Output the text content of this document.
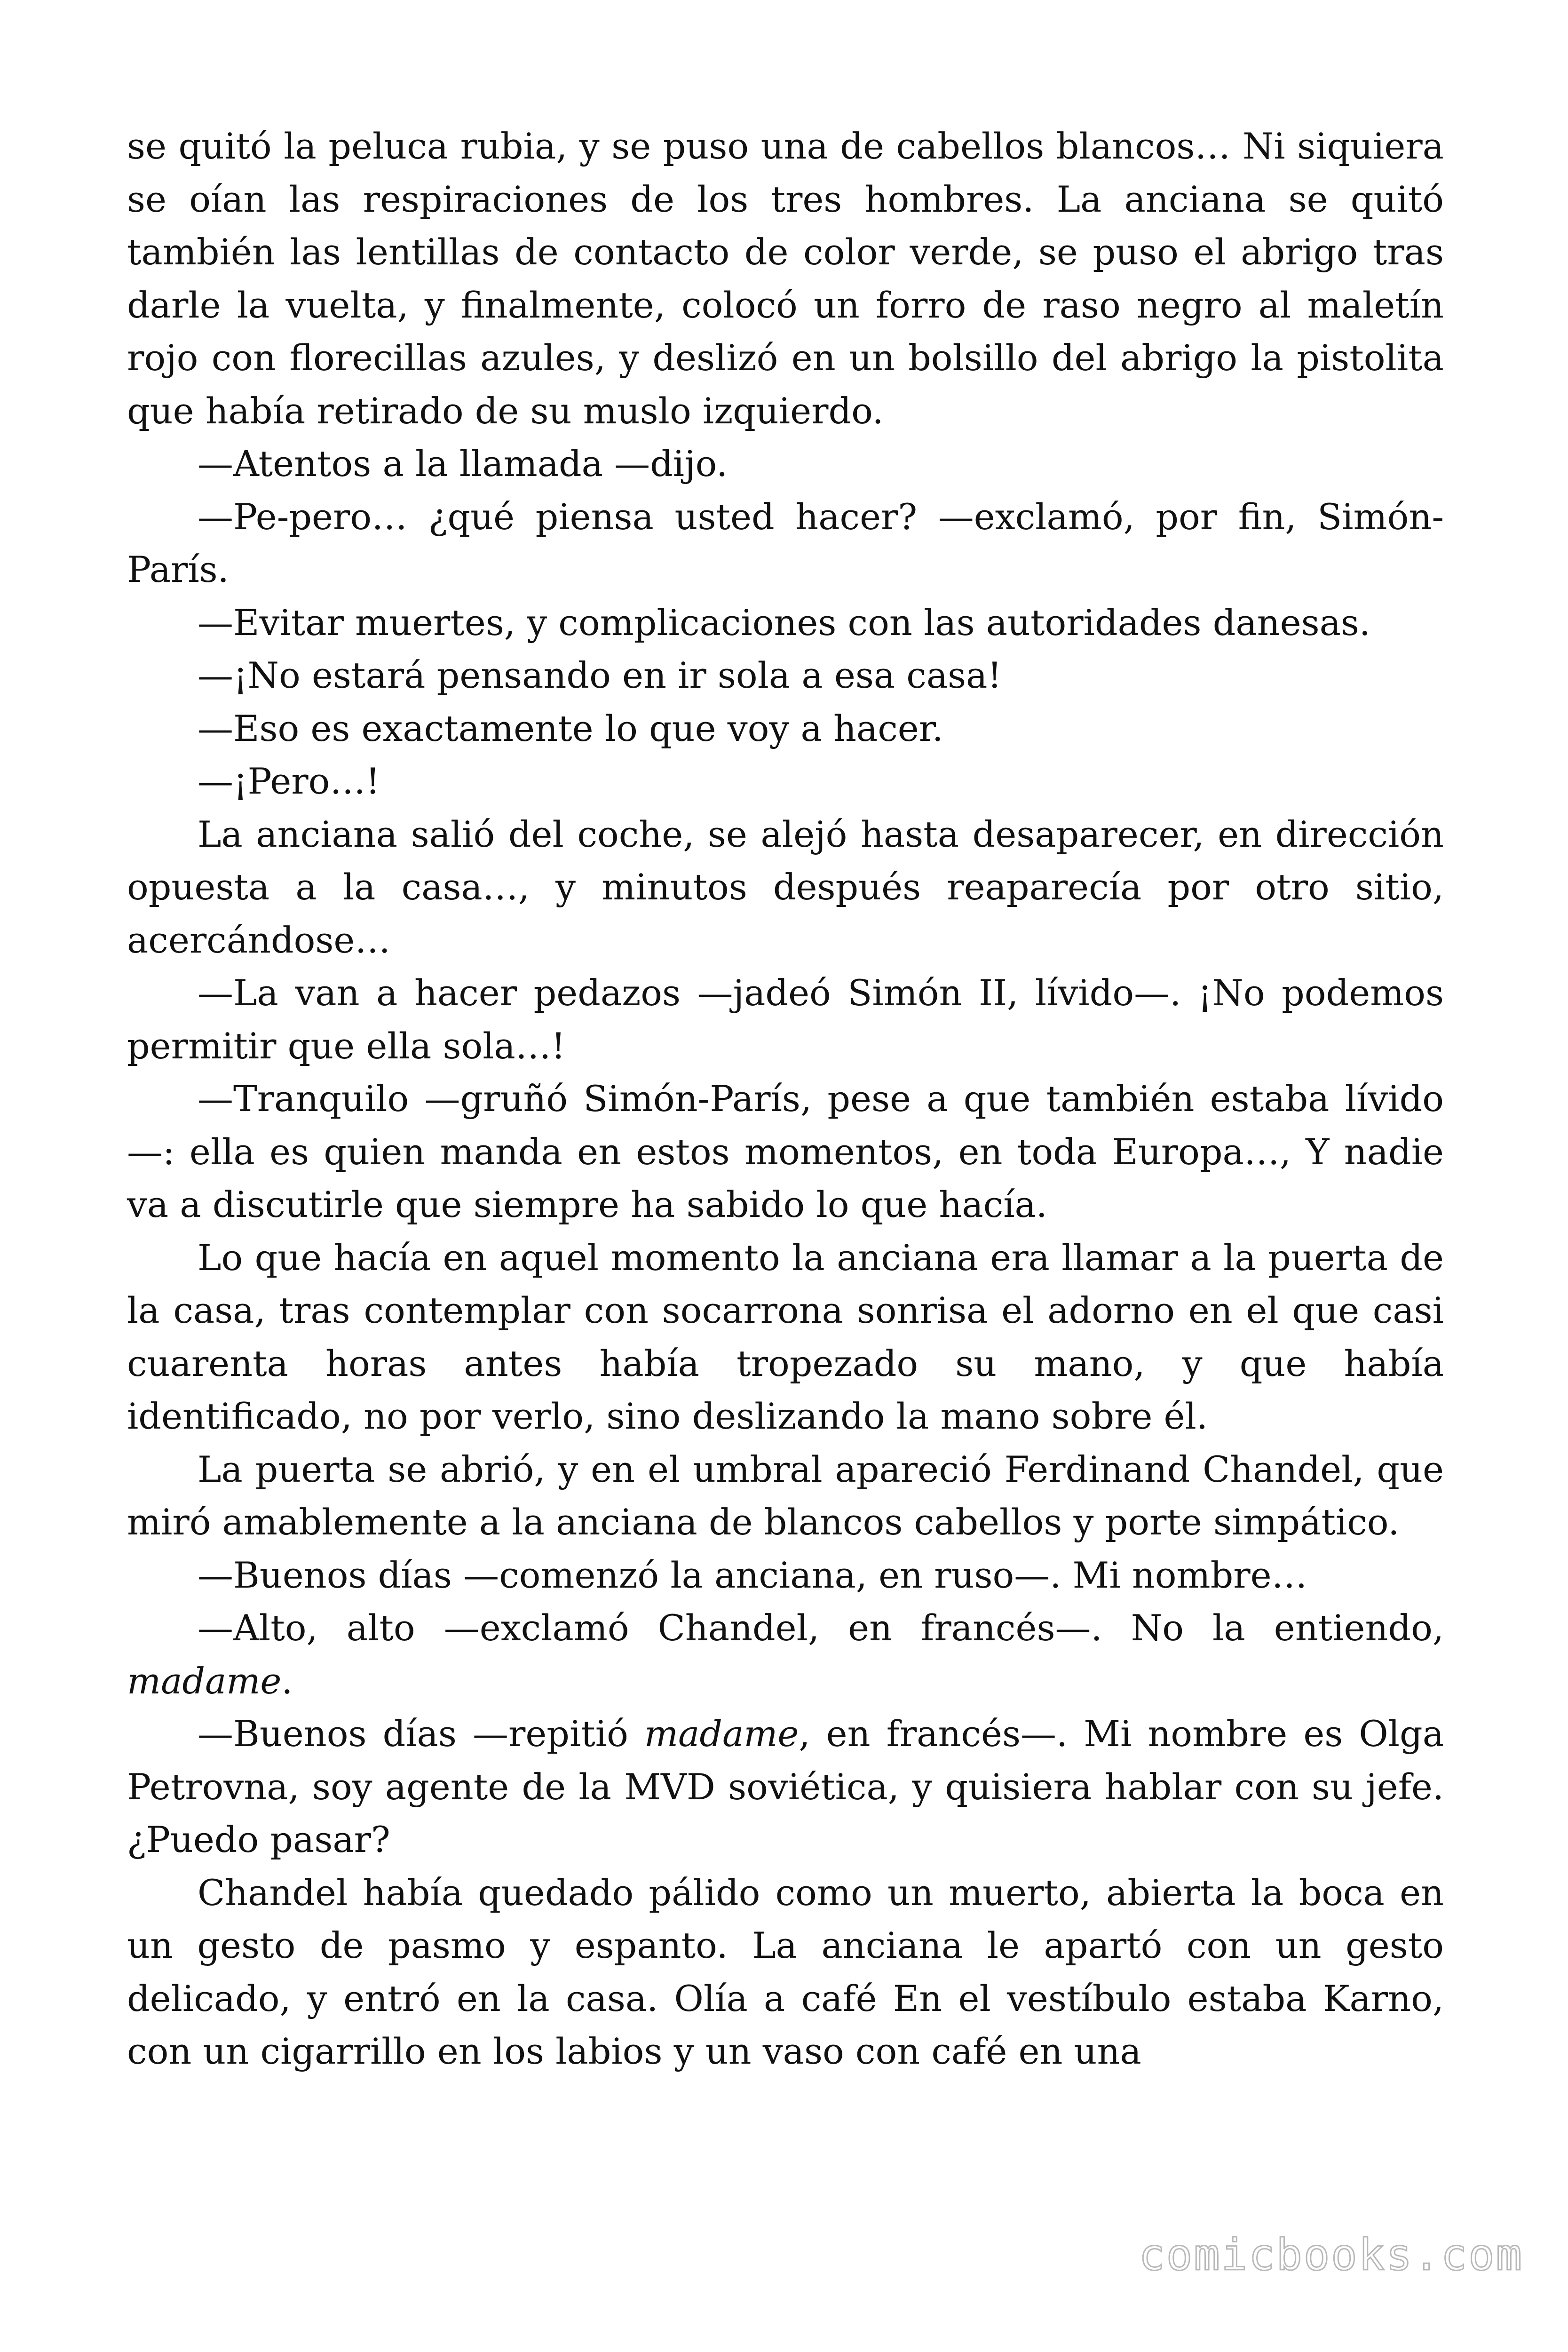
se quitó la peluca rubia, y se puso una de cabellos blancos… Ni siquiera se oían las respiraciones de los tres hombres. La anciana se quitó también las lentillas de contacto de color verde, se puso el abrigo tras darle la vuelta, y finalmente, colocó un forro de raso negro al maletín rojo con florecillas azules, y deslizó en un bolsillo del abrigo la pistolita que había retirado de su muslo izquierdo.

—Atentos a la llamada —dijo.

—Pe-pero… ¿qué piensa usted hacer? —exclamó, por fin, Simón-París.

—Evitar muertes, y complicaciones con las autoridades danesas.

—¡No estará pensando en ir sola a esa casa!

—Eso es exactamente lo que voy a hacer.

—¡Pero…!

La anciana salió del coche, se alejó hasta desaparecer, en dirección opuesta a la casa…, y minutos después reaparecía por otro sitio, acercándose…

—La van a hacer pedazos —jadeó Simón II, lívido—. ¡No podemos permitir que ella sola…!

—Tranquilo —gruñó Simón-París, pese a que también estaba lívido—: ella es quien manda en estos momentos, en toda Europa…, Y nadie va a discutirle que siempre ha sabido lo que hacía.

Lo que hacía en aquel momento la anciana era llamar a la puerta de la casa, tras contemplar con socarrona sonrisa el adorno en el que casi cuarenta horas antes había tropezado su mano, y que había identificado, no por verlo, sino deslizando la mano sobre él.

La puerta se abrió, y en el umbral apareció Ferdinand Chandel, que miró amablemente a la anciana de blancos cabellos y porte simpático.

—Buenos días —comenzó la anciana, en ruso—. Mi nombre…

—Alto, alto —exclamó Chandel, en francés—. No la entiendo, madame.

—Buenos días —repitió madame, en francés—. Mi nombre es Olga Petrovna, soy agente de la MVD soviética, y quisiera hablar con su jefe. ¿Puedo pasar?

Chandel había quedado pálido como un muerto, abierta la boca en un gesto de pasmo y espanto. La anciana le apartó con un gesto delicado, y entró en la casa. Olía a café En el vestíbulo estaba Karno, con un cigarrillo en los labios y un vaso con café en una

comicbooks.com
